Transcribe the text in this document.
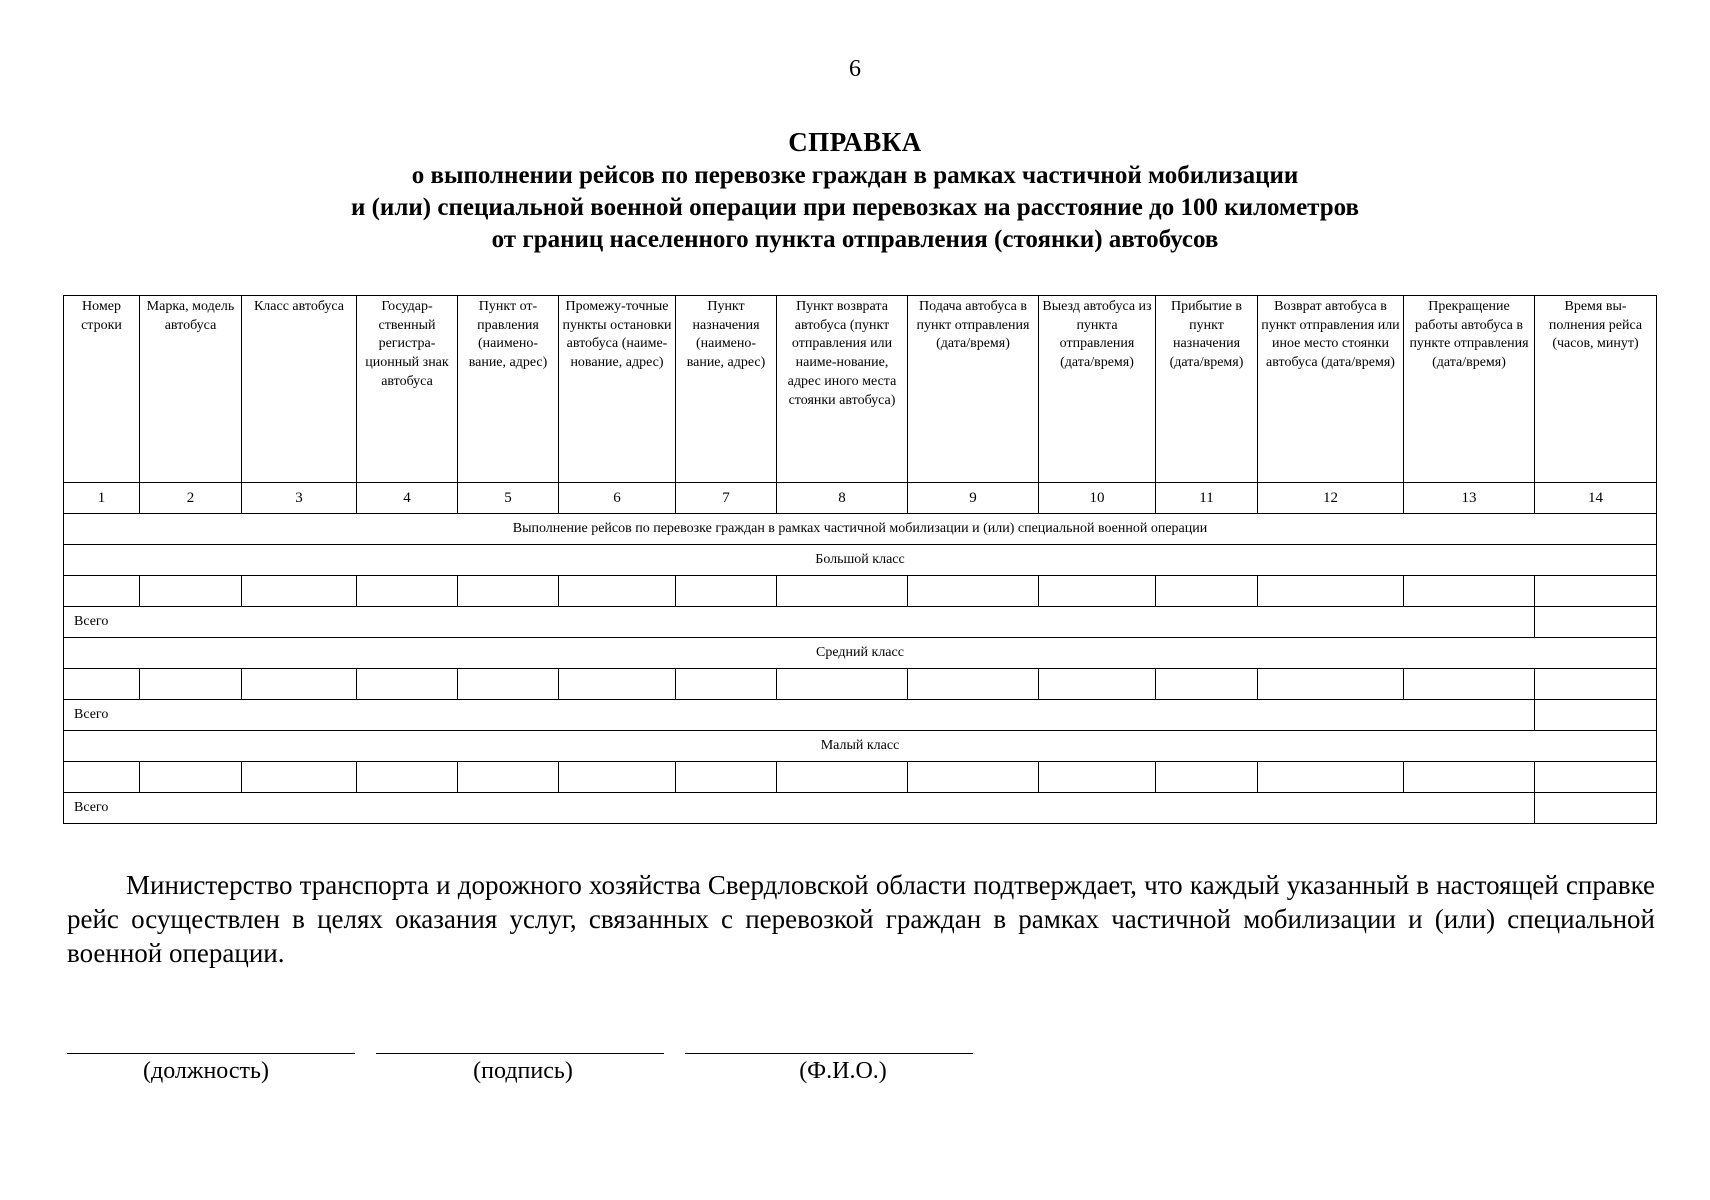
6
СПРАВКА
о выполнении рейсов по перевозке граждан в рамках частичной мобилизации
и (или) специальной военной операции при перевозках на расстояние до 100 километров
от границ населенного пункта отправления (стоянки) автобусов
Номер строки	Марка, модель автобуса	Класс автобуса	Государ-ственный регистра-ционный знак автобуса	Пункт от-правления (наимено-вание, адрес)	Промежу-точные пункты остановки автобуса (наиме-нование, адрес)	Пункт назначения (наимено-вание, адрес)	Пункт возврата автобуса (пункт отправления или наиме-нование, адрес иного места стоянки автобуса)	Подача автобуса в пункт отправления (дата/время)	Выезд автобуса из пункта отправления (дата/время)	Прибытие в пункт назначения (дата/время)	Возврат автобуса в пункт отправления или иное место стоянки автобуса (дата/время)	Прекращение работы автобуса в пункте отправления (дата/время)	Время вы-полнения рейса (часов, минут)
1	2	3	4	5	6	7	8	9	10	11	12	13	14
Выполнение рейсов по перевозке граждан в рамках частичной мобилизации и (или) специальной военной операции													
Большой класс													

Всего													
Средний класс													

Всего													
Малый класс													

Всего													
Министерство транспорта и дорожного хозяйства Свердловской области подтверждает, что каждый указанный в настоящей справке рейс осуществлен в целях оказания услуг, связанных с перевозкой граждан в рамках частичной мобилизации и (или) специальной военной операции.
(должность)	(подпись)	(Ф.И.О.)
